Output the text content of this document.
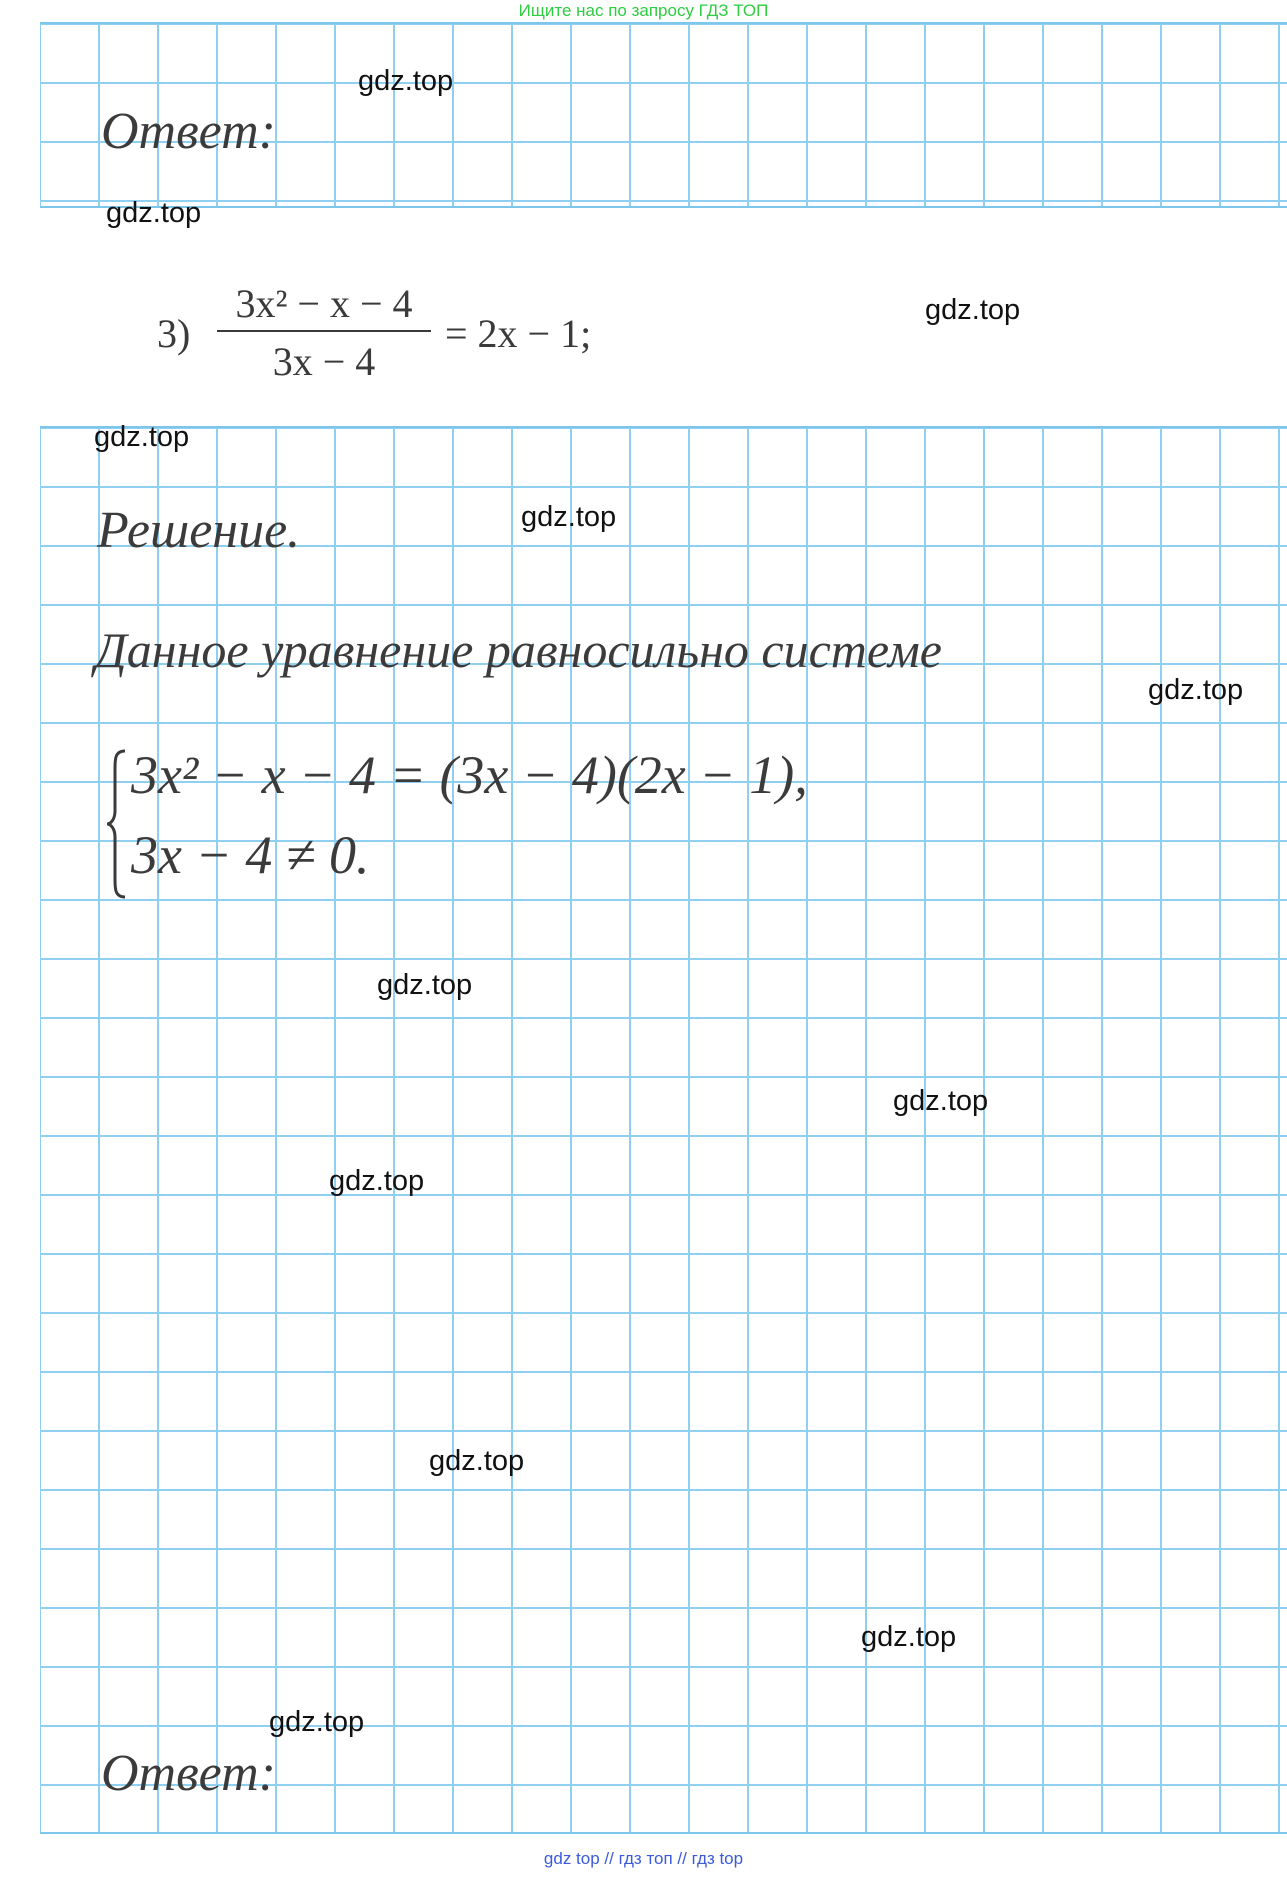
Ищите нас по запросу ГДЗ ТОП
Ответ:
3)
3x² − x − 4
3x − 4
= 2x − 1;
Решение.
Данное уравнение равносильно системе
3x² − x − 4 = (3x − 4)(2x − 1),
3x − 4 ≠ 0.
Ответ:
gdz.top
gdz.top
gdz.top
gdz.top
gdz.top
gdz.top
gdz.top
gdz.top
gdz.top
gdz.top
gdz.top
gdz.top
gdz top // гдз топ // гдз top
